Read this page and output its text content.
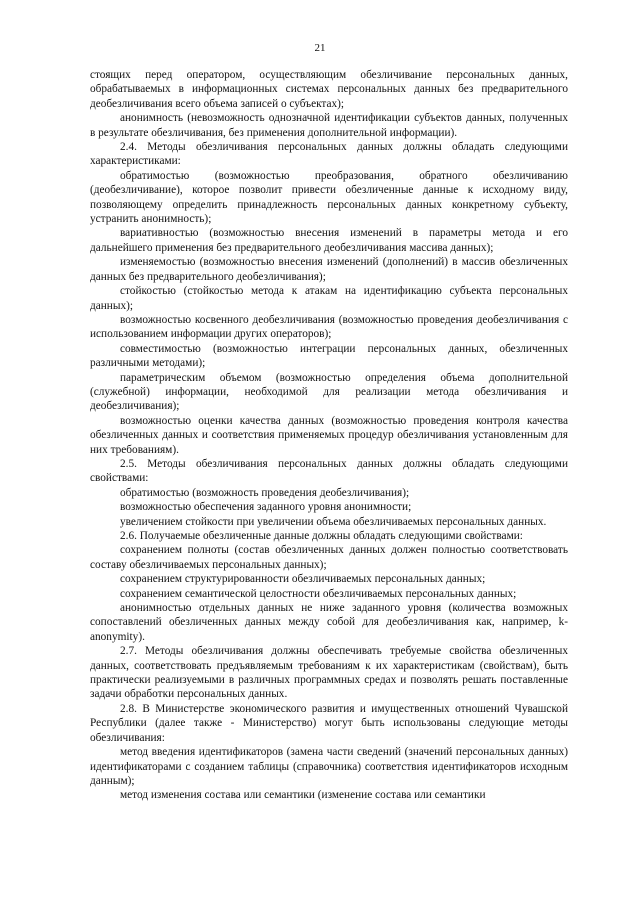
21

стоящих перед оператором, осуществляющим обезличивание персональных данных, обрабатываемых в информационных системах персональных данных без предварительного деобезличивания всего объема записей о субъектах);

анонимность (невозможность однозначной идентификации субъектов данных, полученных в результате обезличивания, без применения дополнительной информации).

2.4. Методы обезличивания персональных данных должны обладать следующими характеристиками:

обратимостью (возможностью преобразования, обратного обезличиванию (деобезличивание), которое позволит привести обезличенные данные к исходному виду, позволяющему определить принадлежность персональных данных конкретному субъекту, устранить анонимность);

вариативностью (возможностью внесения изменений в параметры метода и его дальнейшего применения без предварительного деобезличивания массива данных);

изменяемостью (возможностью внесения изменений (дополнений) в массив обезличенных данных без предварительного деобезличивания);

стойкостью (стойкостью метода к атакам на идентификацию субъекта персональных данных);

возможностью косвенного деобезличивания (возможностью проведения деобезличивания с использованием информации других операторов);

совместимостью (возможностью интеграции персональных данных, обезличенных различными методами);

параметрическим объемом (возможностью определения объема дополнительной (служебной) информации, необходимой для реализации метода обезличивания и деобезличивания);

возможностью оценки качества данных (возможностью проведения контроля качества обезличенных данных и соответствия применяемых процедур обезличивания установленным для них требованиям).

2.5. Методы обезличивания персональных данных должны обладать следующими свойствами:

обратимостью (возможность проведения деобезличивания);

возможностью обеспечения заданного уровня анонимности;

увеличением стойкости при увеличении объема обезличиваемых персональных данных.

2.6. Получаемые обезличенные данные должны обладать следующими свойствами:

сохранением полноты (состав обезличенных данных должен полностью соответствовать составу обезличиваемых персональных данных);

сохранением структурированности обезличиваемых персональных данных;

сохранением семантической целостности обезличиваемых персональных данных;

анонимностью отдельных данных не ниже заданного уровня (количества возможных сопоставлений обезличенных данных между собой для деобезличивания как, например, k-anonymity).

2.7. Методы обезличивания должны обеспечивать требуемые свойства обезличенных данных, соответствовать предъявляемым требованиям к их характеристикам (свойствам), быть практически реализуемыми в различных программных средах и позволять решать поставленные задачи обработки персональных данных.

2.8. В Министерстве экономического развития и имущественных отношений Чувашской Республики (далее также - Министерство) могут быть использованы следующие методы обезличивания:

метод введения идентификаторов (замена части сведений (значений персональных данных) идентификаторами с созданием таблицы (справочника) соответствия идентификаторов исходным данным);

метод изменения состава или семантики (изменение состава или семантики
